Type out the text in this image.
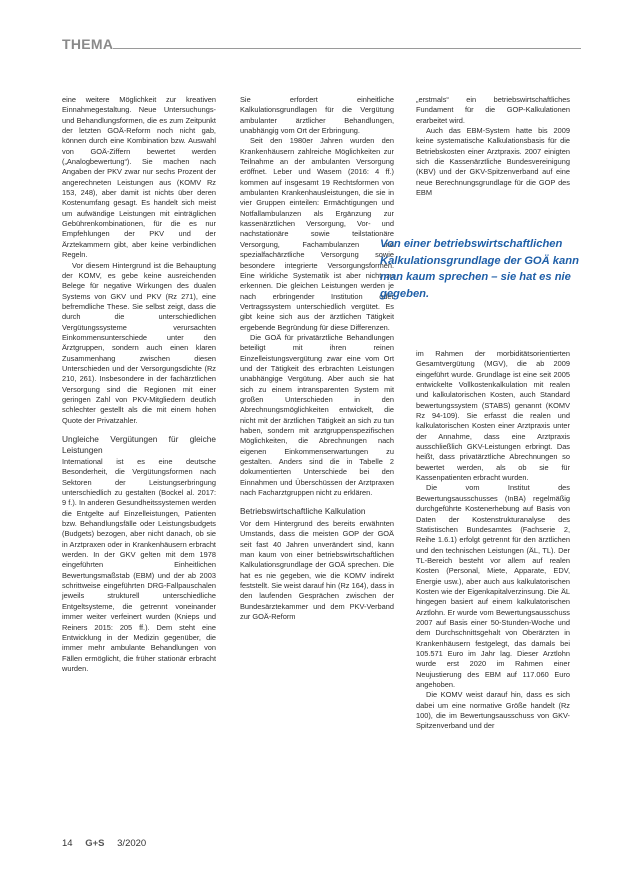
THEMA

eine weitere Möglichkeit zur kreativen Einnahmegestaltung. Neue Untersuchungs- und Behandlungsformen, die es zum Zeitpunkt der letzten GOÄ-Reform noch nicht gab, können durch eine Kombination bzw. Auswahl von GOÄ-Ziffern bewertet werden („Analogbewertung“). Sie machen nach Angaben der PKV zwar nur sechs Prozent der angerechneten Leistungen aus (KOMV Rz 153, 248), aber damit ist nichts über deren Kostenumfang gesagt. Es handelt sich meist um aufwändige Leistungen mit einträglichen Gebührenkombinationen, für die es nur Empfehlungen der PKV und der Ärztekammern gibt, aber keine verbindlichen Regeln.

Vor diesem Hintergrund ist die Behauptung der KOMV, es gebe keine ausreichenden Belege für negative Wirkungen des dualen Systems von GKV und PKV (Rz 271), eine befremdliche These. Sie selbst zeigt, dass die durch die unterschiedlichen Vergütungssysteme verursachten Einkommensunterschiede unter den Ärztgruppen, sondern auch einen klaren Zusammenhang zwischen diesen Unterschieden und der Versorgungsdichte (Rz 210, 261). Insbesondere in der fachärztlichen Versorgung sind die Regionen mit einer geringen Zahl von PKV-Mitgliedern deutlich schlechter gestellt als die mit einem hohen Quote der Privatzahler.

Ungleiche Vergütungen für gleiche Leistungen

International ist es eine deutsche Besonderheit, die Vergütungsformen nach Sektoren der Leistungserbringung unterschiedlich zu gestalten (Bockel al. 2017: 9 f.). In anderen Gesundheitssystemen werden die Entgelte auf Einzelleistungen, Patienten bzw. Behandlungsfälle oder Leistungsbudgets (Budgets) bezogen, aber nicht danach, ob sie in Arztpraxen oder in Krankenhäusern erbracht werden. In der GKV gelten mit dem 1978 eingeführten Einheitlichen Bewertungsmaßstab (EBM) und der ab 2003 schrittweise eingeführten DRG-Fallpauschalen jeweils strukturell unterschiedliche Entgeltsysteme, die getrennt voneinander immer weiter verfeinert wurden (Knieps und Reiners 2015: 205 ff.). Dem steht eine Entwicklung in der Medizin gegenüber, die immer mehr ambulante Behandlungen von Fällen ermöglicht, die früher stationär erbracht wurden.

Sie erfordert einheitliche Kalkulationsgrundlagen für die Vergütung ambulanter ärztlicher Behandlungen, unabhängig vom Ort der Erbringung.

Seit den 1980er Jahren wurden den Krankenhäusern zahlreiche Möglichkeiten zur Teilnahme an der ambulanten Versorgung eröffnet. Leber und Wasem (2016: 4 ff.) kommen auf insgesamt 19 Rechtsformen von ambulanten Krankenhausleistungen, die sie in vier Gruppen einteilen: Ermächtigungen und Notfallambulanzen als Ergänzung zur kassenärztlichen Versorgung, Vor- und nachstationäre sowie teilstationäre Versorgung, Fachambulanzen und spezialfachärztliche Versorgung sowie besondere integrierte Versorgungsformen. Eine wirkliche Systematik ist aber nicht zu erkennen. Die gleichen Leistungen werden je nach erbringender Institution oder Vertragssystem unterschiedlich vergütet. Es gibt keine sich aus der ärztlichen Tätigkeit ergebende Begründung für diese Differenzen.

Die GOÄ für privatärztliche Behandlungen beteiligt mit ihren reinen Einzelleistungsvergütung zwar eine vom Ort und der Tätigkeit des erbrachten Leistungen unabhängige Vergütung. Aber auch sie hat sich zu einem intransparenten System mit großen Unterschieden in den Abrechnungsmöglichkeiten entwickelt, die nicht mit der ärztlichen Tätigkeit an sich zu tun haben, sondern mit arztgruppenspezifischen Möglichkeiten, die Abrechnungen nach eigenen Einkommenserwartungen zu gestalten. Anders sind die in Tabelle 2 dokumentierten Unterschiede bei den Einnahmen und Überschüssen der Arztpraxen nach Facharztgruppen nicht zu erklären.

Betriebswirtschaftliche Kalkulation

Vor dem Hintergrund des bereits erwähnten Umstands, dass die meisten GOP der GOÄ seit fast 40 Jahren unverändert sind, kann man kaum von einer betriebswirtschaftlichen Kalkulationsgrundlage der GOÄ sprechen. Die hat es nie gegeben, wie die KOMV indirekt feststellt. Sie weist darauf hin (Rz 164), dass in den laufenden Gesprächen zwischen der Bundesärztekammer und dem PKV-Verband zur GOÄ-Reform

„erstmals“ ein betriebswirtschaftliches Fundament für die GOP-Kalkulationen erarbeitet wird.

Auch das EBM-System hatte bis 2009 keine systematische Kalkulationsbasis für die Betriebskosten einer Arztpraxis. 2007 einigten sich die Kassenärztliche Bundesvereinigung (KBV) und der GKV-Spitzenverband auf eine neue Berechnungsgrundlage für die GOP des EBM

Von einer betriebswirtschaftlichen Kalkulationsgrundlage der GOÄ kann man kaum sprechen – sie hat es nie gegeben.

im Rahmen der morbiditätsorientierten Gesamtvergütung (MGV), die ab 2009 eingeführt wurde. Grundlage ist eine seit 2005 entwickelte Vollkostenkalkulation mit realen und kalkulatorischen Kosten, auch Standard bewertungssystem (STABS) genannt (KOMV Rz 94-109). Sie erfasst die realen und kalkulatorischen Kosten einer Arztpraxis unter der Annahme, dass eine Arztpraxis ausschließlich GKV-Leistungen erbringt. Das heißt, dass privatärztliche Abrechnungen so bewertet werden, als ob sie für Kassenpatienten erbracht wurden.

Die vom Institut des Bewertungsausschusses (InBA) regelmäßig durchgeführte Kostenerhebung auf Basis von Daten der Kostenstrukturanalyse des Statistischen Bundesamtes (Fachserie 2, Reihe 1.6.1) erfolgt getrennt für den ärztlichen und den technischen Leistungen (ÄL, TL). Der TL-Bereich besteht vor allem auf realen Kosten (Personal, Miete, Apparate, EDV, Energie usw.), aber auch aus kalkulatorischen Kosten wie der Eigenkapitalverzinsung. Die ÄL hingegen basiert auf einem kalkulatorischen Arztlohn. Er wurde vom Bewertungsausschuss 2007 auf Basis einer 50-Stunden-Woche und dem Durchschnittsgehalt von Oberärzten in Krankenhäusern festgelegt, das damals bei 105.571 Euro im Jahr lag. Dieser Arztlohn wurde erst 2020 im Rahmen einer Neujustierung des EBM auf 117.060 Euro angehoben.

Die KOMV weist darauf hin, dass es sich dabei um eine normative Größe handelt (Rz 100), die im Bewertungsausschuss von GKV-Spitzenverband und der

14 G+S 3/2020
